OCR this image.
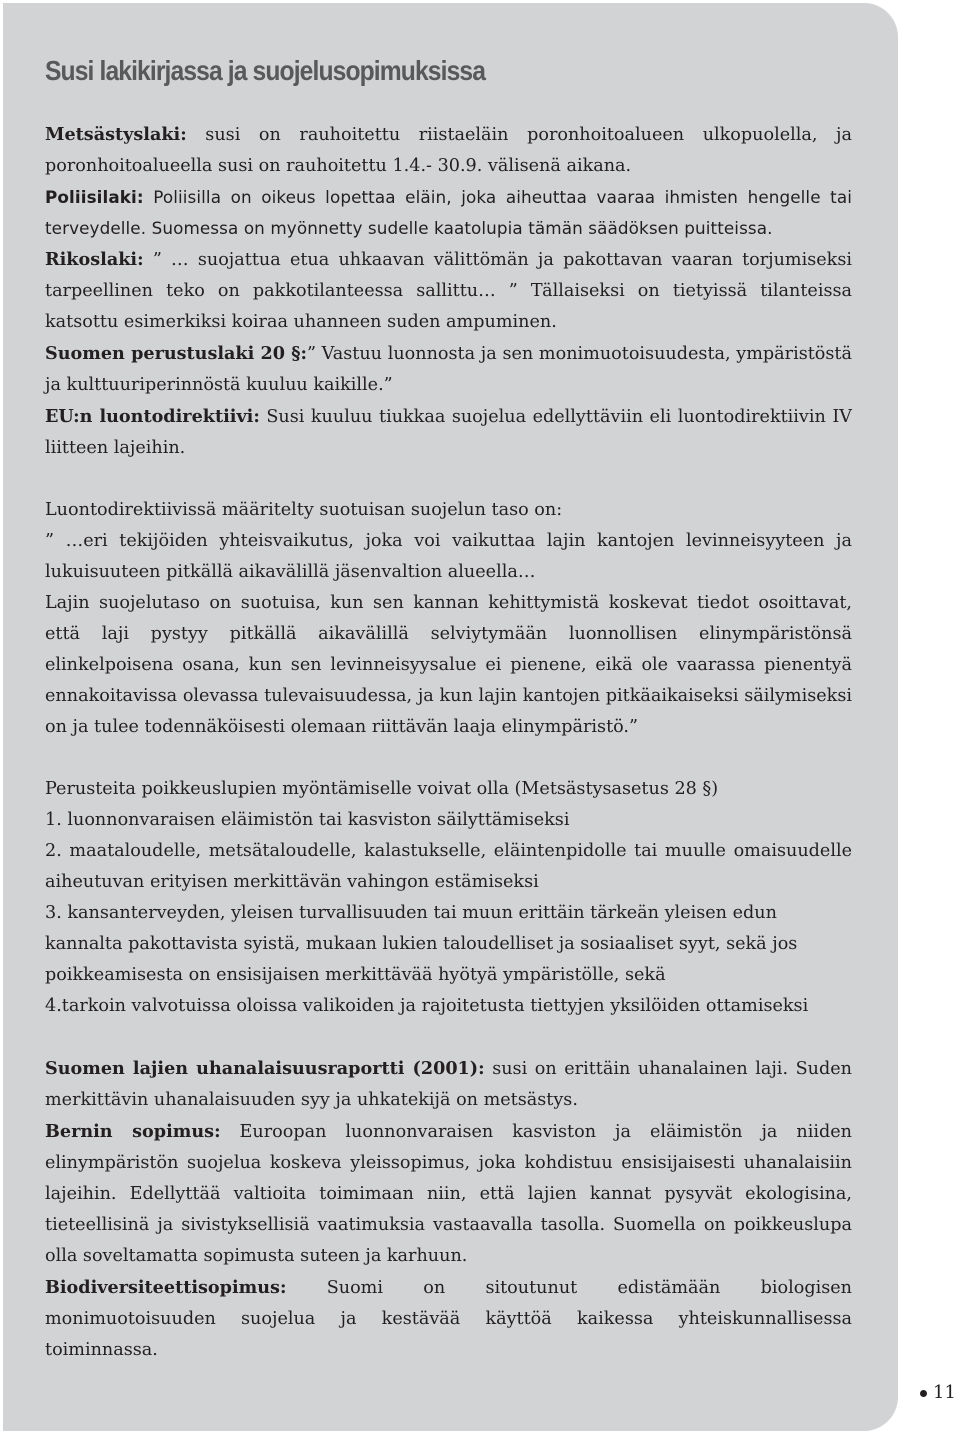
Susi lakikirjassa ja suojelusopimuksissa

Metsästyslaki: susi on rauhoitettu riistaeläin poronhoitoalueen ulkopuolella, ja poronhoitoalueella susi on rauhoitettu 1.4.- 30.9. välisenä aikana.

Poliisilaki: Poliisilla on oikeus lopettaa eläin, joka aiheuttaa vaaraa ihmisten hengelle tai terveydelle. Suomessa on myönnetty sudelle kaatolupia tämän säädöksen puitteissa.

Rikoslaki: ” … suojattua etua uhkaavan välittömän ja pakottavan vaaran torjumiseksi tarpeellinen teko on pakkotilanteessa sallittu… ” Tällaiseksi on tietyissä tilanteissa katsottu esimerkiksi koiraa uhanneen suden ampuminen.

Suomen perustuslaki 20 §:” Vastuu luonnosta ja sen monimuotoisuudesta, ympäristöstä ja kulttuuriperinnöstä kuuluu kaikille.”

EU:n luontodirektiivi: Susi kuuluu tiukkaa suojelua edellyttäviin eli luontodirektiivin IV liitteen lajeihin.

Luontodirektiivissä määritelty suotuisan suojelun taso on:

” …eri tekijöiden yhteisvaikutus, joka voi vaikuttaa lajin kantojen levinneisyyteen ja lukuisuuteen pitkällä aikavälillä jäsenvaltion alueella…

Lajin suojelutaso on suotuisa, kun sen kannan kehittymistä koskevat tiedot osoittavat, että laji pystyy pitkällä aikavälillä selviytymään luonnollisen elinympäristönsä elinkelpoisena osana, kun sen levinneisyysalue ei pienene, eikä ole vaarassa pienentyä ennakoitavissa olevassa tulevaisuudessa, ja kun lajin kantojen pitkäaikaiseksi säilymiseksi on ja tulee todennäköisesti olemaan riittävän laaja elinympäristö.”

Perusteita poikkeuslupien myöntämiselle voivat olla (Metsästysasetus 28 §)

1. luonnonvaraisen eläimistön tai kasviston säilyttämiseksi

2. maataloudelle, metsätaloudelle, kalastukselle, eläintenpidolle tai muulle omaisuudelle aiheutuvan erityisen merkittävän vahingon estämiseksi

3. kansanterveyden, yleisen turvallisuuden tai muun erittäin tärkeän yleisen edun kannalta pakottavista syistä, mukaan lukien taloudelliset ja sosiaaliset syyt, sekä jos poikkeamisesta on ensisijaisen merkittävää hyötyä ympäristölle, sekä

4.tarkoin valvotuissa oloissa valikoiden ja rajoitetusta tiettyjen yksilöiden ottamiseksi

Suomen lajien uhanalaisuusraportti (2001): susi on erittäin uhanalainen laji. Suden merkittävin uhanalaisuuden syy ja uhkatekijä on metsästys.

Bernin sopimus: Euroopan luonnonvaraisen kasviston ja eläimistön ja niiden elinympäristön suojelua koskeva yleissopimus, joka kohdistuu ensisijaisesti uhanalaisiin lajeihin. Edellyttää valtioita toimimaan niin, että lajien kannat pysyvät ekologisina, tieteellisinä ja sivistyksellisiä vaatimuksia vastaavalla tasolla. Suomella on poikkeuslupa olla soveltamatta sopimusta suteen ja karhuun.

Biodiversiteettisopimus: Suomi on sitoutunut edistämään biologisen monimuotoisuuden suojelua ja kestävää käyttöä kaikessa yhteiskunnallisessa toiminnassa.

11
